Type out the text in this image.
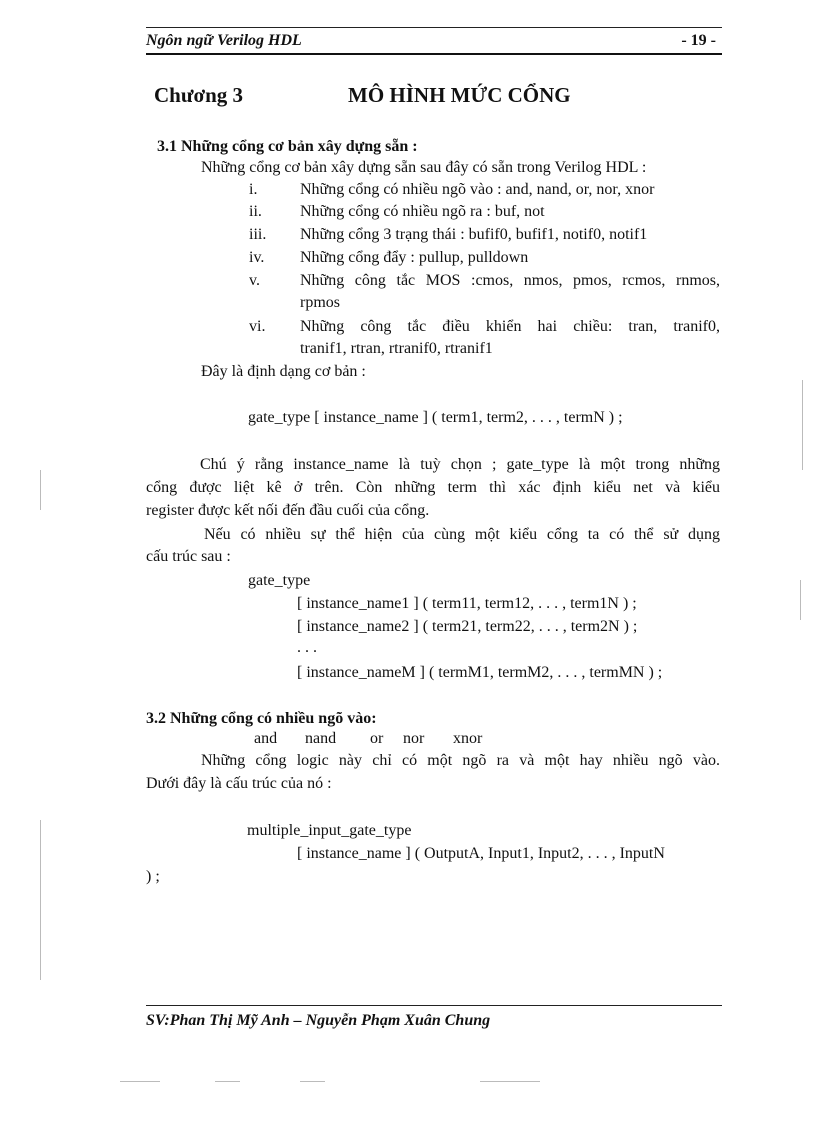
Ngôn ngữ Verilog HDL	- 19 -
Chương 3	MÔ HÌNH MỨC CỔNG
3.1 Những cổng cơ bản xây dựng sẵn :
Những cổng cơ bản xây dựng sẵn sau đây có sẵn trong Verilog HDL :
i.	Những cổng có nhiều ngõ vào : and, nand, or, nor, xnor
ii. Những cổng có nhiều ngõ ra : buf, not
iii. Những cổng 3 trạng thái : bufif0, bufif1, notif0, notif1
iv. Những cổng đẩy : pullup, pulldown
v.	Những công tắc MOS :cmos, nmos, pmos, rcmos, rnmos,
rpmos
vi. Những công tắc điều khiển hai chiều: tran, tranif0,
tranif1, rtran, rtranif0, rtranif1
Đây là định dạng cơ bản :
gate_type [ instance_name ] ( term1, term2, . . . , termN ) ;
Chú ý rằng instance_name là tuỳ chọn ; gate_type là một trong những
cổng được liệt kê ở trên. Còn những term thì xác định kiểu net và kiểu
register được kết nối đến đầu cuối của cổng.
Nếu có nhiều sự thể hiện của cùng một kiểu cổng ta có thể sử dụng
cấu trúc sau :
gate_type
[ instance_name1 ] ( term11, term12, . . . , term1N ) ;
[ instance_name2 ] ( term21, term22, . . . , term2N ) ;
. . .
[ instance_nameM ] ( termM1, termM2, . . . , termMN ) ;
3.2 Những cổng có nhiều ngõ vào:
and nand or nor xnor
Những cổng logic này chỉ có một ngõ ra và một hay nhiều ngõ vào.
Dưới đây là cấu trúc của nó :
multiple_input_gate_type
[ instance_name ] ( OutputA, Input1, Input2, . . . , InputN
) ;
SV:Phan Thị Mỹ Anh – Nguyễn Phạm Xuân Chung
